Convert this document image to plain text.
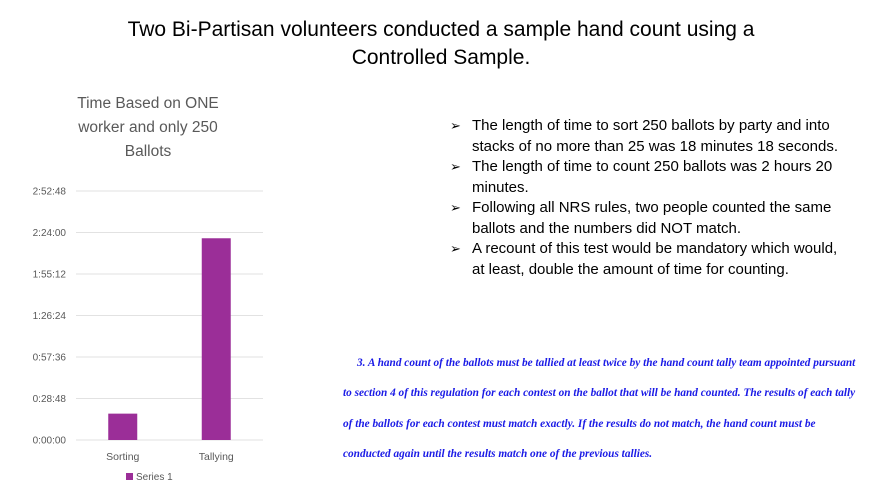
Two Bi-Partisan volunteers conducted a sample hand count using a
Controlled Sample.
Time Based on ONE
worker and only 250
Ballots
0:00:00
0:28:48
0:57:36
1:26:24
1:55:12
2:24:00
2:52:48
Sorting	Tallying
Series 1
➢ The length of time to sort 250 ballots by party and into stacks of no more than 25 was 18 minutes 18 seconds.
➢ The length of time to count 250 ballots was 2 hours 20 minutes.
➢ Following all NRS rules, two people counted the same ballots and the numbers did NOT match.
➢ A recount of this test would be mandatory which would, at least, double the amount of time for counting.

3. A hand count of the ballots must be tallied at least twice by the hand count tally team appointed pursuant to section 4 of this regulation for each contest on the ballot that will be hand counted. The results of each tally of the ballots for each contest must match exactly. If the results do not match, the hand count must be conducted again until the results match one of the previous tallies.
